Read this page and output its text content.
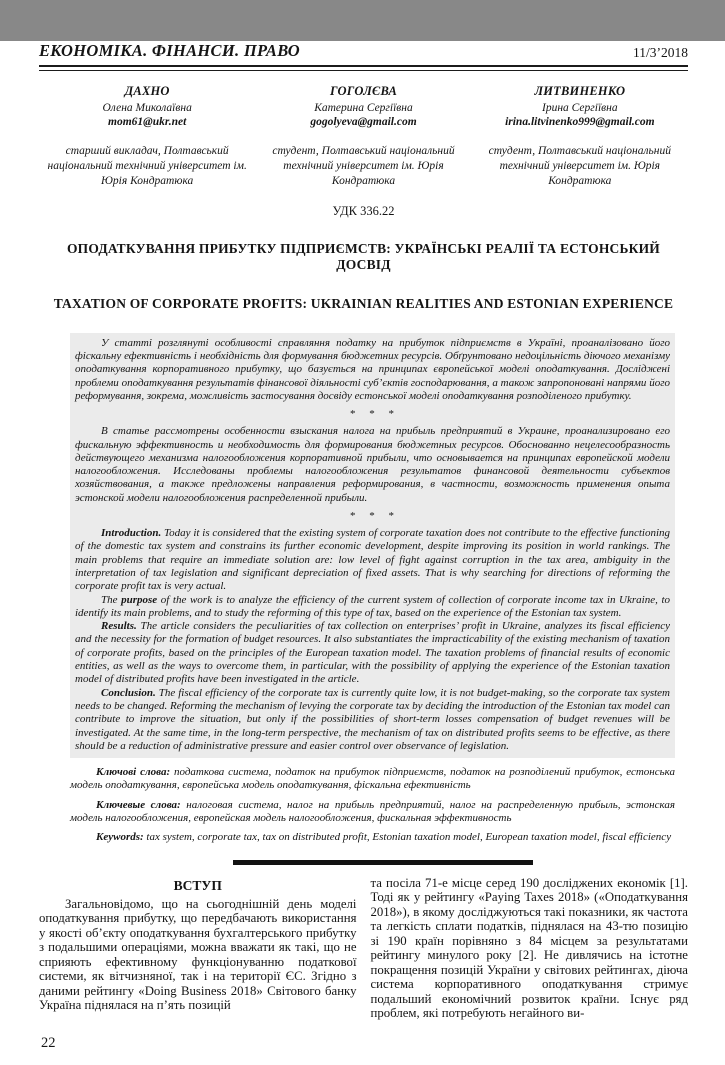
ЕКОНОМІКА. ФІНАНСИ. ПРАВО	11/3’2018
ДАХНО
Олена Миколаївна
mom61@ukr.net
старший викладач, Полтавський національний технічний університет ім. Юрія Кондратюка
ГОГОЛЄВА
Катерина Сергіївна
gogolyeva@gmail.com
студент, Полтавський національний технічний університет ім. Юрія Кондратюка
ЛИТВИНЕНКО
Ірина Сергіївна
irina.litvinenko999@gmail.com
студент, Полтавський національний технічний університет ім. Юрія Кондратюка
УДК 336.22
ОПОДАТКУВАННЯ ПРИБУТКУ ПІДПРИЄМСТВ: УКРАЇНСЬКІ РЕАЛІЇ ТА ЕСТОНСЬКИЙ ДОСВІД
TAXATION OF CORPORATE PROFITS: UKRAINIAN REALITIES AND ESTONIAN EXPERIENCE

У статті розглянуті особливості справляння податку на прибуток підприємств в Україні, проаналізовано його фіскальну ефективність і необхідність для формування бюджетних ресурсів. Обґрунтовано недоцільність діючого механізму оподаткування корпоративного прибутку, що базується на принципах європейської моделі оподаткування. Досліджені проблеми оподаткування результатів фінансової діяльності суб’єктів господарювання, а також запропоновані напрями його реформування, зокрема, можливість застосування досвіду естонської моделі оподаткування розподіленого прибутку.

* * *

В статье рассмотрены особенности взыскания налога на прибыль предприятий в Украине, проанализировано его фискальную эффективность и необходимость для формирования бюджетных ресурсов. Обоснованно нецелесообразность действующего механизма налогообложения корпоративной прибыли, что основывается на принципах европейской модели налогообложения. Исследованы проблемы налогообложения результатов финансовой деятельности субъектов хозяйствования, а также предложены направления реформирования, в частности, возможность применения опыта эстонской модели налогообложения распределенной прибыли.

* * *

Introduction. Today it is considered that the existing system of corporate taxation does not contribute to the effective functioning of the domestic tax system and constrains its further economic development, despite improving its position in world rankings. The main problems that require an immediate solution are: low level of fight against corruption in the tax area, ambiguity in the interpretation of tax legislation and significant depreciation of fixed assets. That is why searching for directions of reforming the corporate profit tax is very actual.

The purpose of the work is to analyze the efficiency of the current system of collection of corporate income tax in Ukraine, to identify its main problems, and to study the reforming of this type of tax, based on the experience of the Estonian tax system.

Results. The article considers the peculiarities of tax collection on enterprises’ profit in Ukraine, analyzes its fiscal efficiency and the necessity for the formation of budget resources. It also substantiates the impracticability of the existing mechanism of taxation of corporate profits, based on the principles of the European taxation model. The taxation problems of financial results of economic entities, as well as the ways to overcome them, in particular, with the possibility of applying the experience of the Estonian taxation model of distributed profits have been investigated in the article.

Conclusion. The fiscal efficiency of the corporate tax is currently quite low, it is not budget-making, so the corporate tax system needs to be changed. Reforming the mechanism of levying the corporate tax by deciding the introduction of the Estonian tax model can contribute to improve the situation, but only if the possibilities of short-term losses compensation of budget revenues will be investigated. At the same time, in the long-term perspective, the mechanism of tax on distributed profits seems to be effective, as there should be a reduction of administrative pressure and easier control over observance of legislation.

Ключові слова: податкова система, податок на прибуток підприємств, податок на розподілений прибуток, естонська модель оподаткування, європейська модель оподаткування, фіскальна ефективність

Ключевые слова: налоговая система, налог на прибыль предприятий, налог на распределенную прибыль, эстонская модель налогообложения, европейская модель налогообложения, фискальная эффективность

Keywords: tax system, corporate tax, tax on distributed profit, Estonian taxation model, European taxation model, fiscal efficiency

ВСТУП

Загальновідомо, що на сьогоднішній день моделі оподаткування прибутку, що передбачають використання у якості об’єкту оподаткування бухгалтерського прибутку з подальшими операціями, можна вважати як такі, що не сприяють ефективному функціонуванню податкової системи, як вітчизняної, так і на території ЄС. Згідно з даними рейтингу «Doing Business 2018» Світового банку Україна піднялася на п’ять позицій

та посіла 71-е місце серед 190 досліджених економік [1]. Тоді як у рейтингу «Paying Taxes 2018» («Оподаткування 2018»), в якому досліджуються такі показники, як частота та легкість сплати податків, піднялася на 43-тю позицію зі 190 країн порівняно з 84 місцем за результатами рейтингу минулого року [2]. Не дивлячись на істотне покращення позицій України у світових рейтингах, діюча система корпоративного оподаткування стримує подальший економічний розвиток країни. Існує ряд проблем, які потребують негайного ви-

22
